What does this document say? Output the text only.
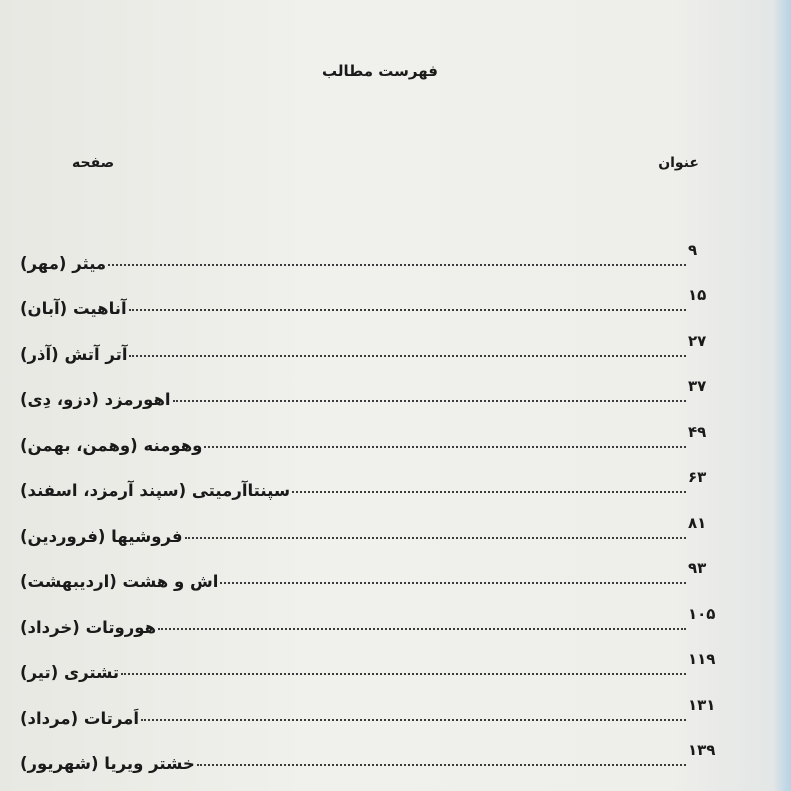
فهرست مطالب
عنوان
صفحه
میثر (مهر)
۹
آناهیت (آبان)
۱۵
آتر آتش (آذر)
۲۷
اهورمزد (دزو، دِی)
۳۷
وهومنه (وهمن، بهمن)
۴۹
سپنتاآرمیتی (سپند آرمزد، اسفند)
۶۳
فروشیها (فروردین)
۸۱
اش و هشت (اردیبهشت)
۹۳
هوروتات (خرداد)
۱۰۵
تشتری (تیر)
۱۱۹
اَمرتات (مرداد)
۱۳۱
خشتر ویریا (شهریور)
۱۳۹
